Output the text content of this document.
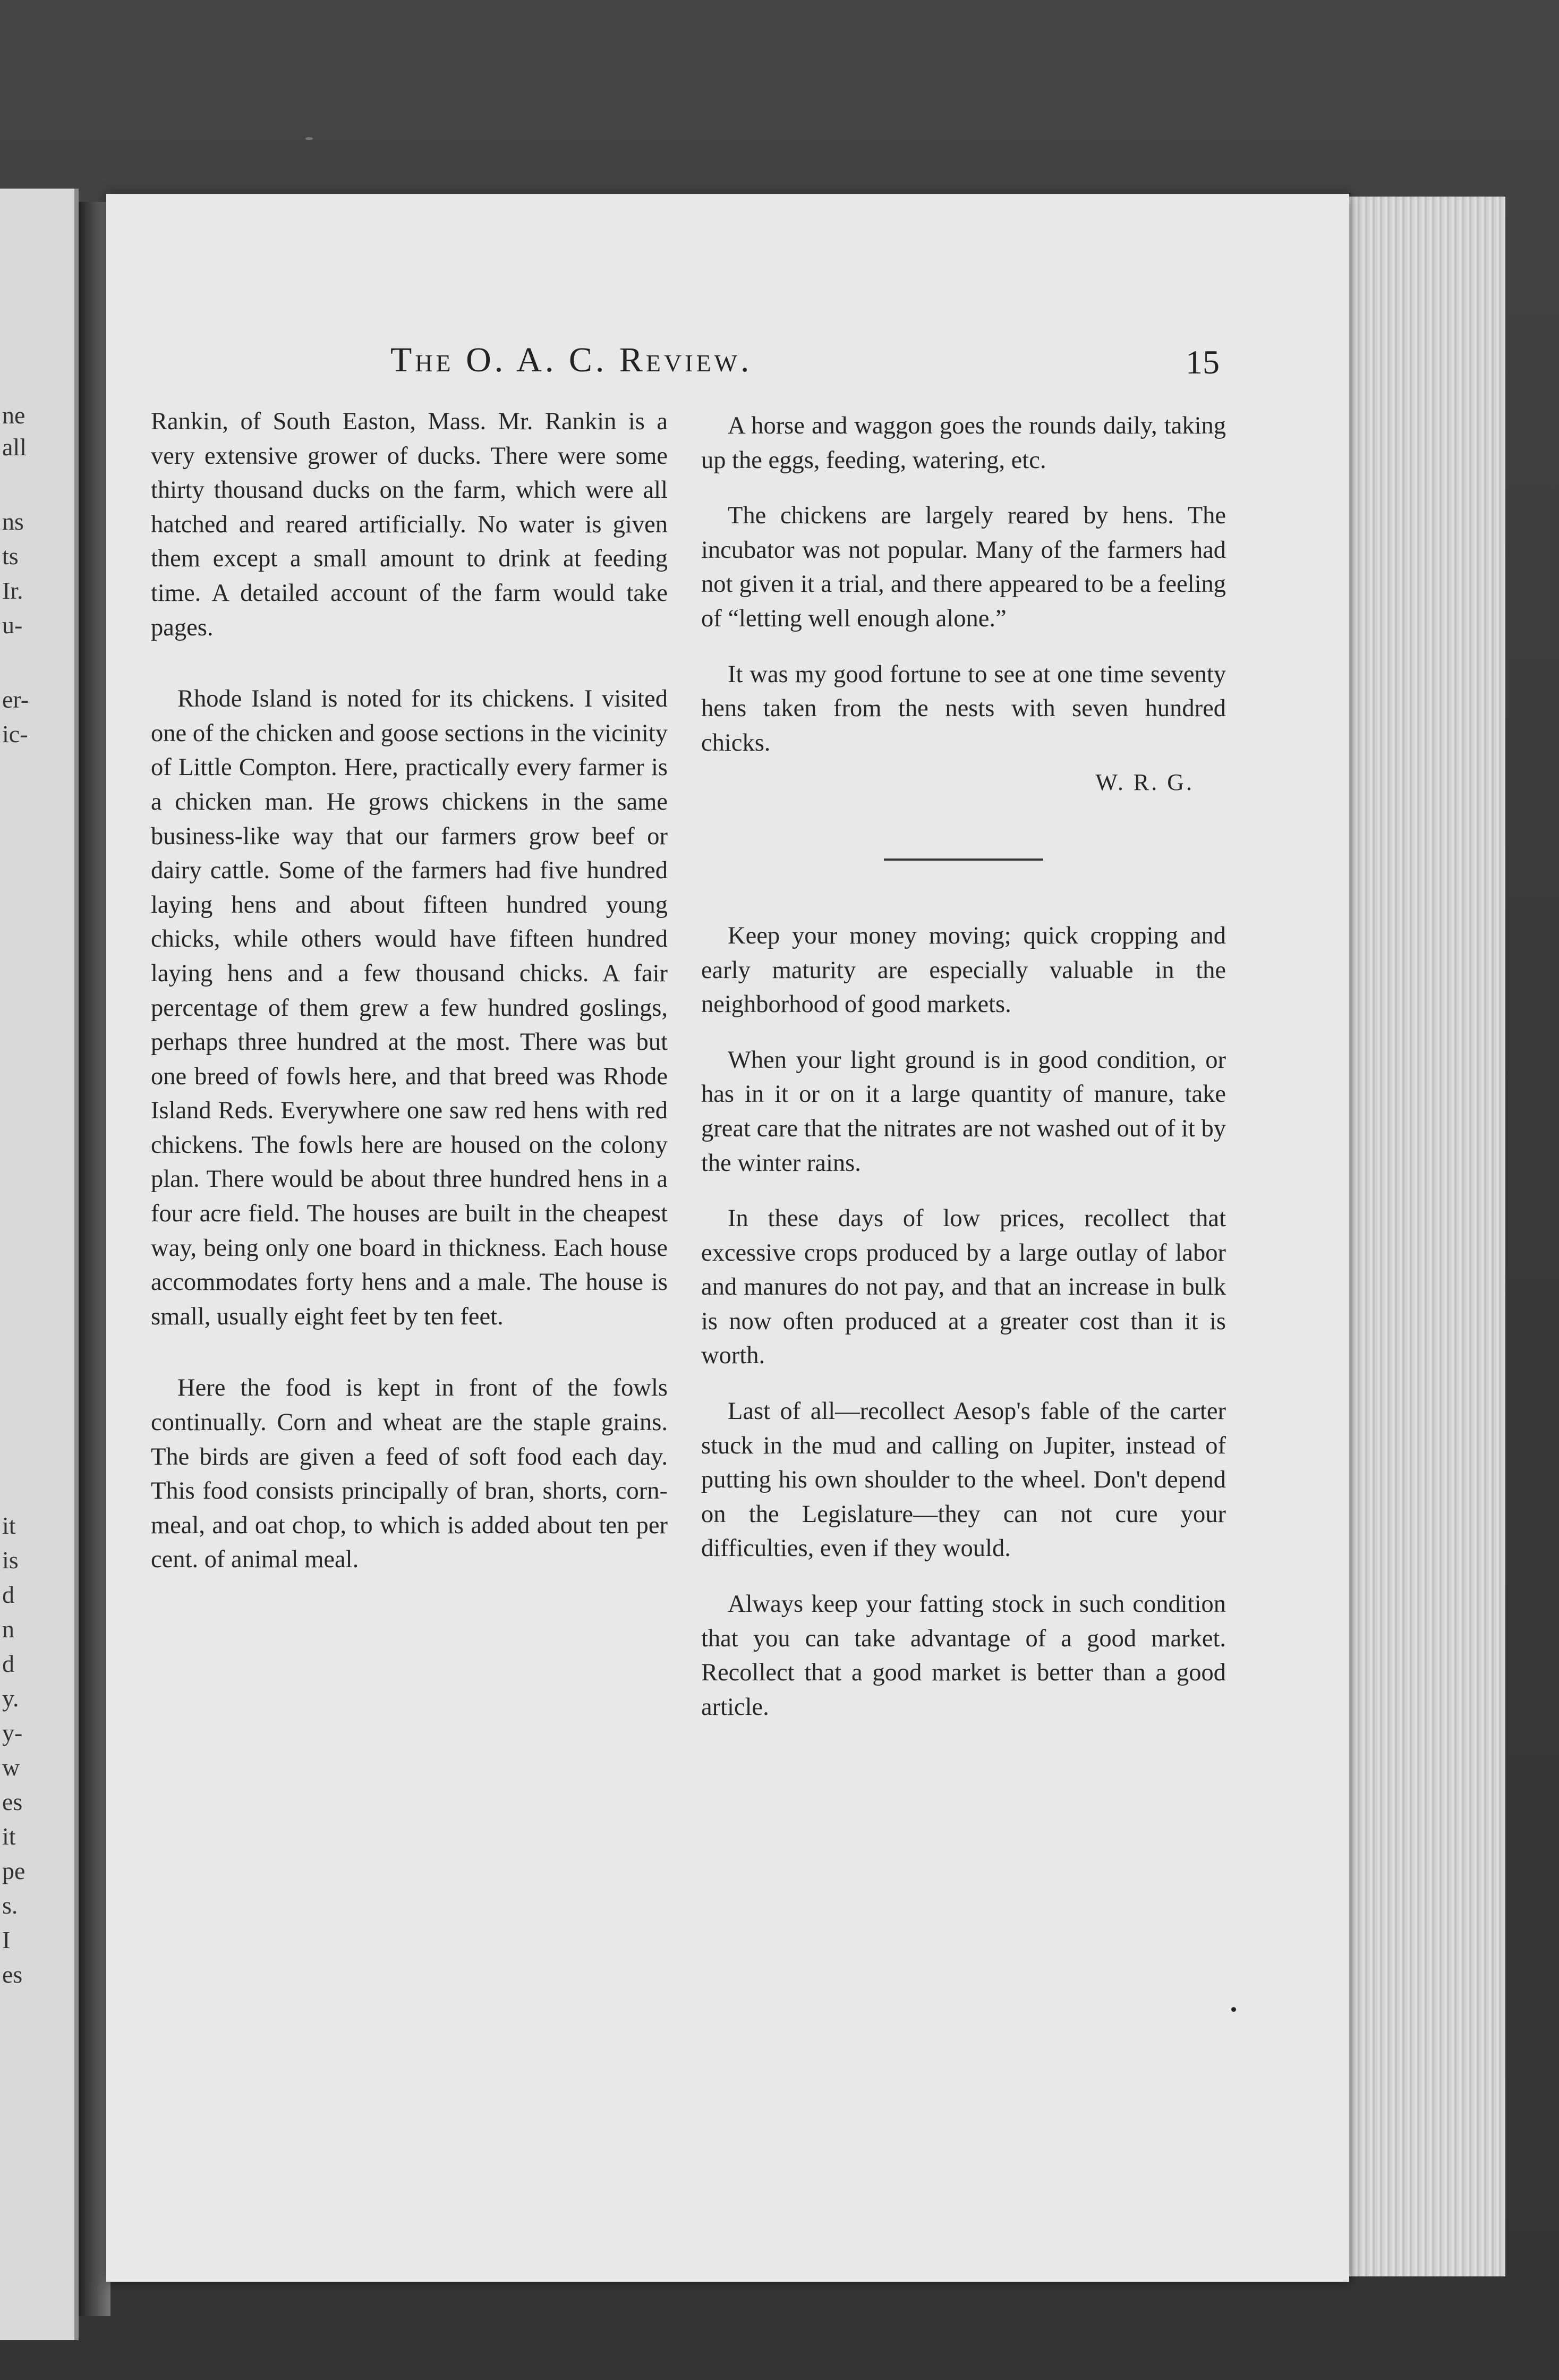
ne
all
ns
ts
Ir.
u-
er-
ic-
it
is
d
n
d
y.
y-
w
es
it
pe
s.
I
es
The O. A. C. Review.	15

Rankin, of South Easton, Mass. Mr. Rankin is a very extensive grower of ducks. There were some thirty thousand ducks on the farm, which were all hatched and reared artificially. No water is given them except a small amount to drink at feeding time. A detailed account of the farm would take pages.

Rhode Island is noted for its chickens. I visited one of the chicken and goose sections in the vicinity of Little Compton. Here, practically every farmer is a chicken man. He grows chickens in the same business-like way that our farmers grow beef or dairy cattle. Some of the farmers had five hundred laying hens and about fifteen hundred young chicks, while others would have fifteen hundred laying hens and a few thousand chicks. A fair percentage of them grew a few hundred goslings, perhaps three hundred at the most. There was but one breed of fowls here, and that breed was Rhode Island Reds. Everywhere one saw red hens with red chickens. The fowls here are housed on the colony plan. There would be about three hundred hens in a four acre field. The houses are built in the cheapest way, being only one board in thickness. Each house accommodates forty hens and a male. The house is small, usually eight feet by ten feet.

Here the food is kept in front of the fowls continually. Corn and wheat are the staple grains. The birds are given a feed of soft food each day. This food consists principally of bran, shorts, corn-meal, and oat chop, to which is added about ten per cent. of animal meal.

A horse and waggon goes the rounds daily, taking up the eggs, feeding, watering, etc.

The chickens are largely reared by hens. The incubator was not popular. Many of the farmers had not given it a trial, and there appeared to be a feeling of “letting well enough alone.”

It was my good fortune to see at one time seventy hens taken from the nests with seven hundred chicks.

W. R. G.

Keep your money moving; quick cropping and early maturity are especially valuable in the neighborhood of good markets.

When your light ground is in good condition, or has in it or on it a large quantity of manure, take great care that the nitrates are not washed out of it by the winter rains.

In these days of low prices, recollect that excessive crops produced by a large outlay of labor and manures do not pay, and that an increase in bulk is now often produced at a greater cost than it is worth.

Last of all—recollect Aesop's fable of the carter stuck in the mud and calling on Jupiter, instead of putting his own shoulder to the wheel. Don't depend on the Legislature—they can not cure your difficulties, even if they would.

Always keep your fatting stock in such condition that you can take advantage of a good market. Recollect that a good market is better than a good article.
